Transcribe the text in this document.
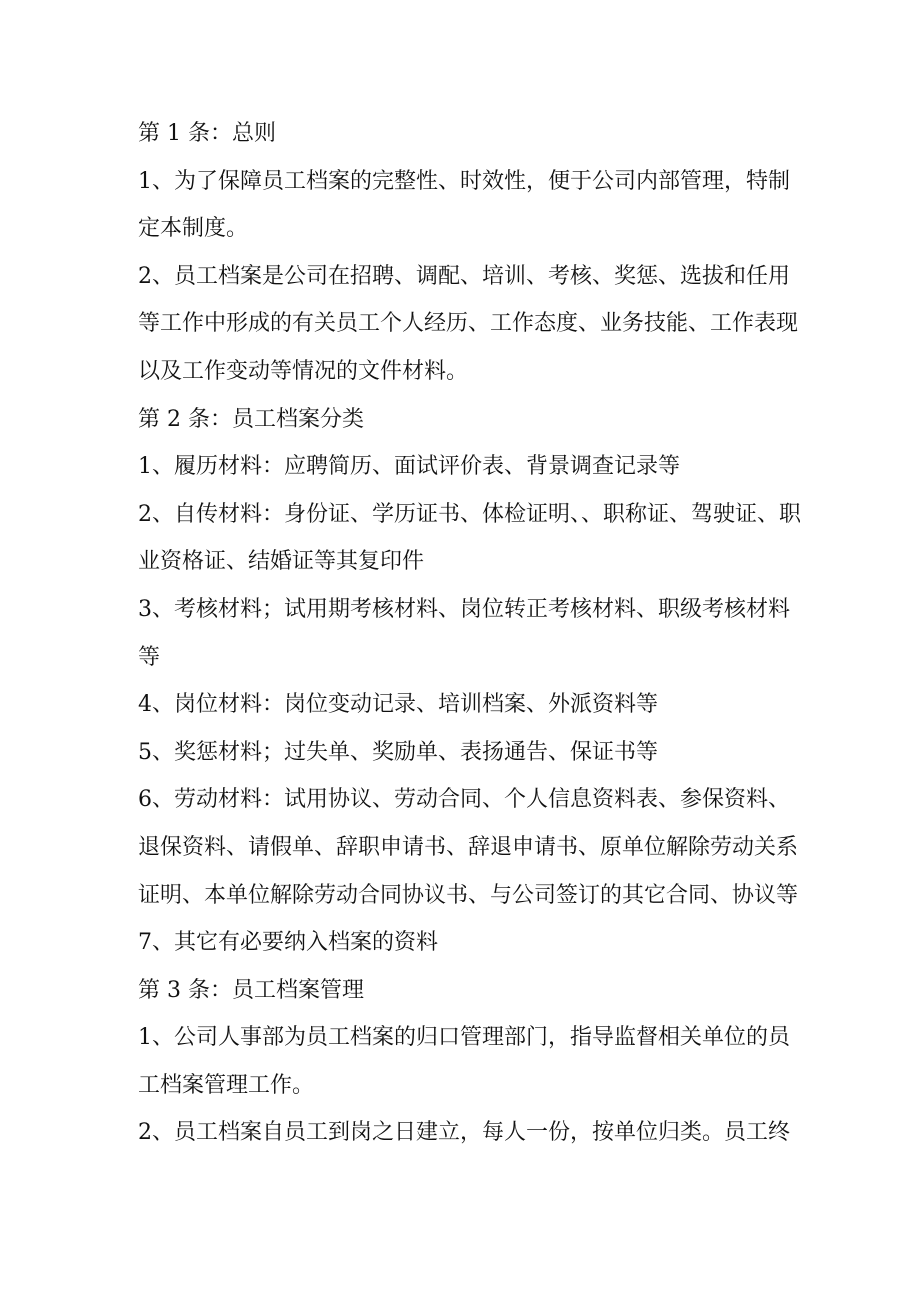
第 1 条：总则
1、为了保障员工档案的完整性、时效性，便于公司内部管理，特制
定本制度。
2、员工档案是公司在招聘、调配、培训、考核、奖惩、选拔和任用
等工作中形成的有关员工个人经历、工作态度、业务技能、工作表现
以及工作变动等情况的文件材料。
第 2 条：员工档案分类
1、履历材料：应聘简历、面试评价表、背景调查记录等
2、自传材料：身份证、学历证书、体检证明、、职称证、驾驶证、职
业资格证、结婚证等其复印件
3、考核材料；试用期考核材料、岗位转正考核材料、职级考核材料
等
4、岗位材料：岗位变动记录、培训档案、外派资料等
5、奖惩材料；过失单、奖励单、表扬通告、保证书等
6、劳动材料：试用协议、劳动合同、个人信息资料表、参保资料、
退保资料、请假单、辞职申请书、辞退申请书、原单位解除劳动关系
证明、本单位解除劳动合同协议书、与公司签订的其它合同、协议等
7、其它有必要纳入档案的资料
第 3 条：员工档案管理
1、公司人事部为员工档案的归口管理部门，指导监督相关单位的员
工档案管理工作。
2、员工档案自员工到岗之日建立，每人一份，按单位归类。员工终
